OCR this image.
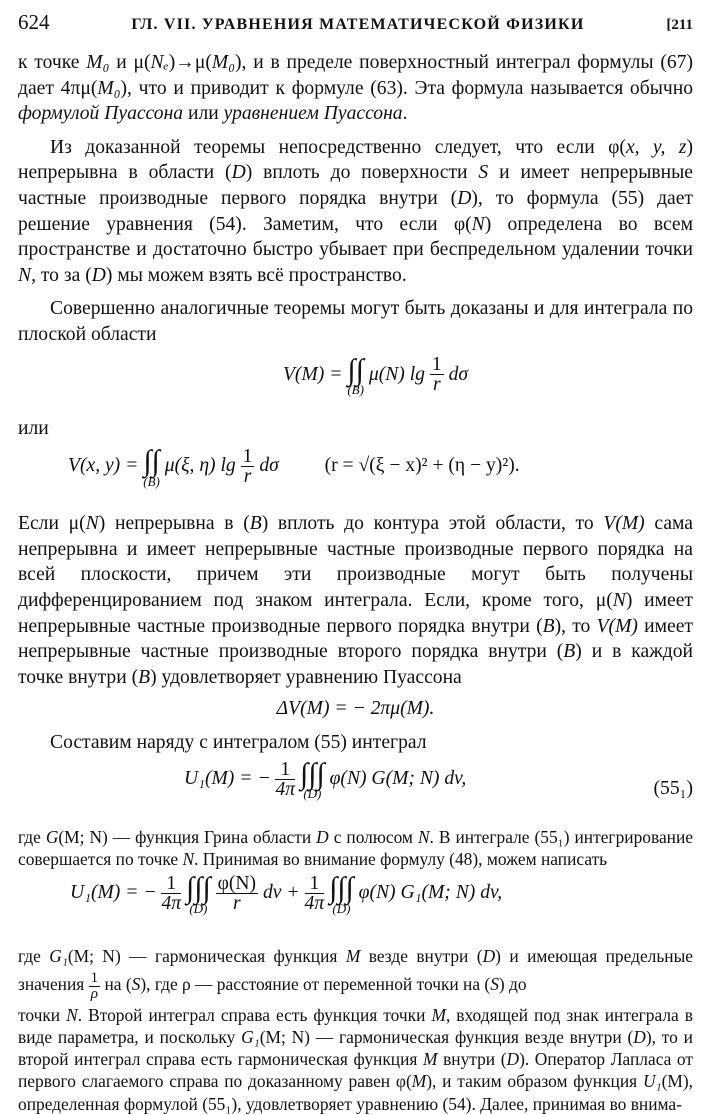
624	ГЛ. VII. УРАВНЕНИЯ МАТЕМАТИЧЕСКОЙ ФИЗИКИ	[211

к точке M₀ и μ(Nₑ)→μ(M₀), и в пределе поверхностный интеграл формулы (67) дает 4πμ(M₀), что и приводит к формуле (63). Эта формула называется обычно формулой Пуассона или уравнением Пуассона.

Из доказанной теоремы непосредственно следует, что если φ(x, y, z) непрерывна в области (D) вплоть до поверхности S и имеет непрерывные частные производные первого порядка внутри (D), то формула (55) дает решение уравнения (54). Заметим, что если φ(N) определена во всем пространстве и достаточно быстро убывает при беспредельном удалении точки N, то за (D) мы можем взять всё пространство.

Совершенно аналогичные теоремы могут быть доказаны и для интеграла по плоской области

V(M) = ∫∫
(B)
μ(N) $\lg \frac{1}{r}$ dσ

или

V(x, y) = ∫∫
(B)
μ(ξ, η) $\lg \frac{1}{r}$ dσ (r = √(ξ − x)² + (η − y)²).

Если μ(N) непрерывна в (B) вплоть до контура этой области, то V(M) сама непрерывна и имеет непрерывные частные производные первого порядка на всей плоскости, причем эти производные могут быть получены дифференцированием под знаком интеграла. Если, кроме того, μ(N) имеет непрерывные частные производные первого порядка внутри (B), то V(M) имеет непрерывные частные производные второго порядка внутри (B) и в каждой точке внутри (B) удовлетворяет уравнению Пуассона

ΔV(M) = − 2πμ(M).

Составим наряду с интегралом (55) интеграл

U₁(M) = − $\frac{1}{4\pi}$
∫∫∫
(D)
φ(N) G(M; N) dv,	(55₁)

где G(M; N) — функция Грина области D с полюсом N. В интеграле (55₁) интегрирование совершается по точке N. Принимая во внимание формулу (48), можем написать

U₁(M) = − $\frac{1}{4\pi}$
∫∫∫
(D)
$\frac{\varphi(N)}{r}$ dv + $\frac{1}{4\pi}$
∫∫∫
(D)
φ(N) G₁(M; N) dv,

где G₁(M; N) — гармоническая функция M везде внутри (D) и имеющая предельные значения $\frac{1}{\rho}$ на (S), где ρ — расстояние от переменной точки на (S) до

точки N. Второй интеграл справа есть функция точки M, входящей под знак интеграла в виде параметра, и поскольку G₁(M; N) — гармоническая функция везде внутри (D), то и второй интеграл справа есть гармоническая функция M внутри (D). Оператор Лапласа от первого слагаемого справа по доказанному равен φ(M), и таким образом функция U₁(M), определенная формулой (55₁), удовлетворяет уравнению (54). Далее, принимая во внима-
